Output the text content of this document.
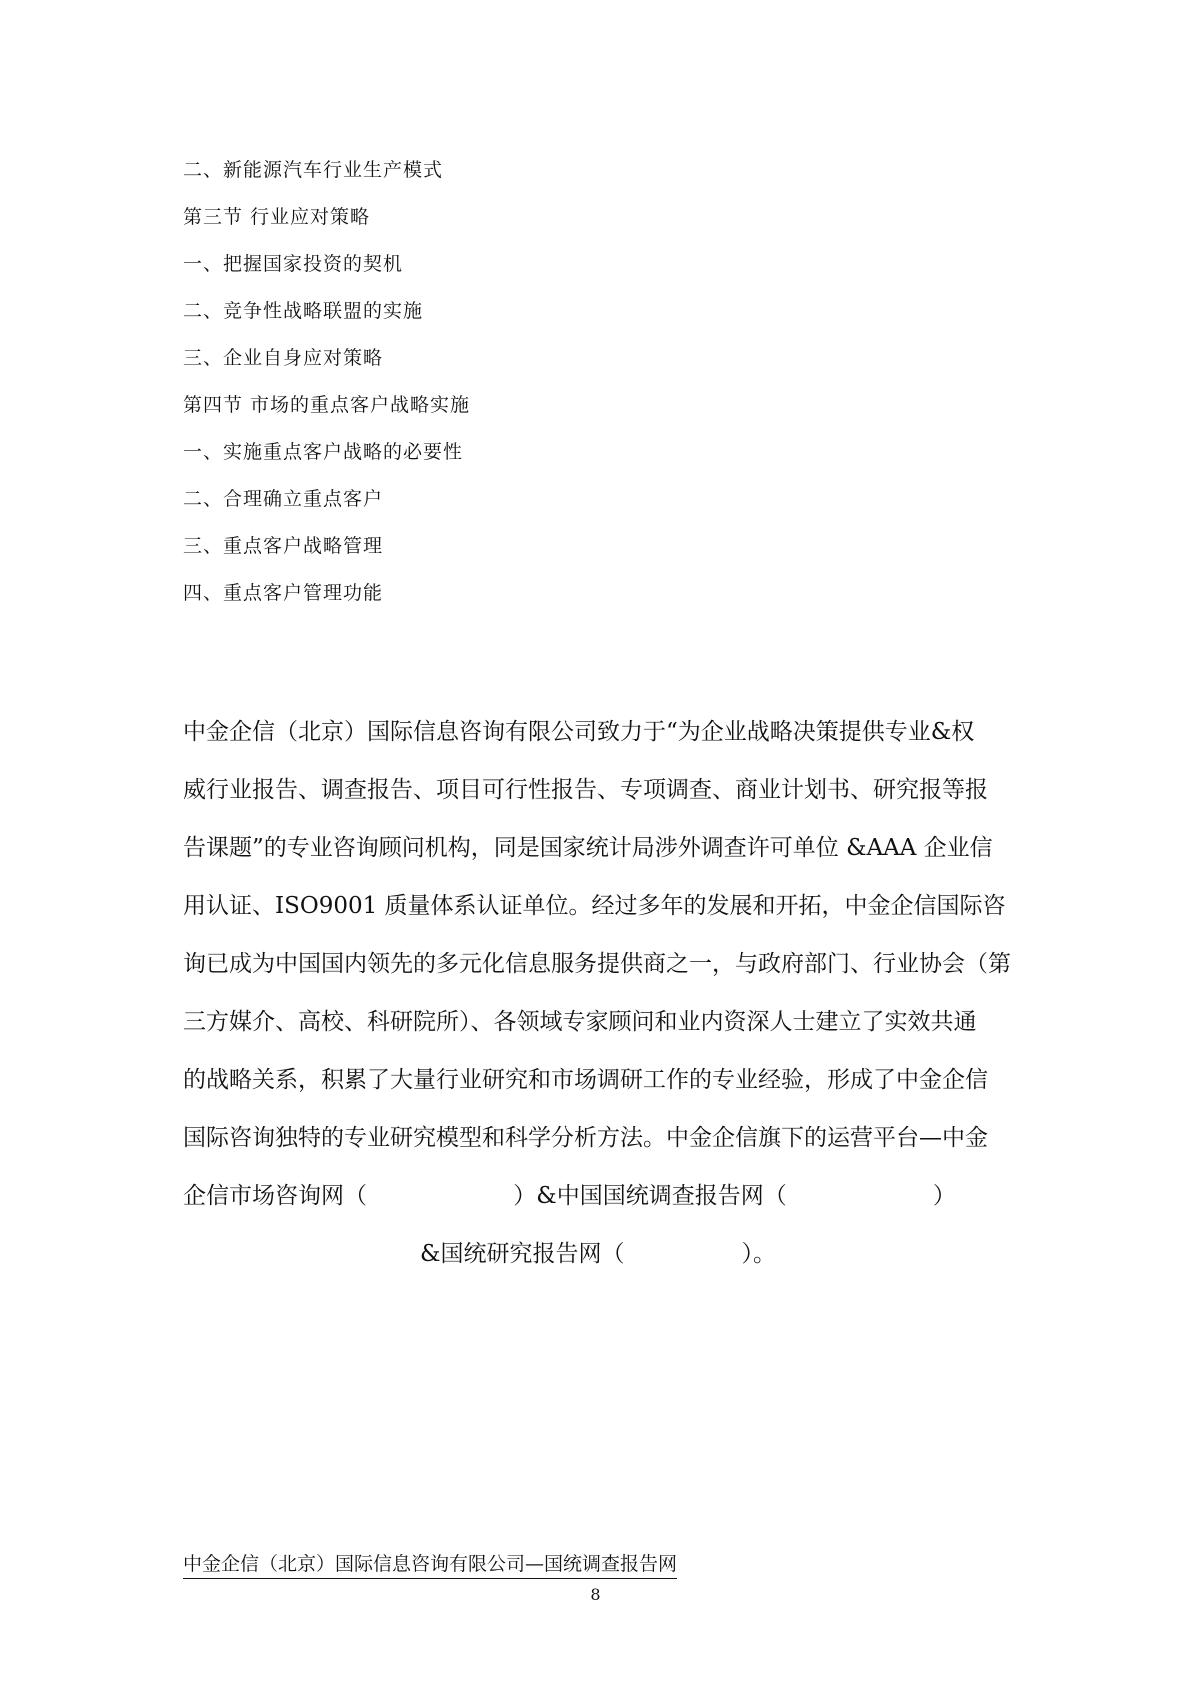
二、新能源汽车行业生产模式
第三节 行业应对策略
一、把握国家投资的契机
二、竞争性战略联盟的实施
三、企业自身应对策略
第四节 市场的重点客户战略实施
一、实施重点客户战略的必要性
二、合理确立重点客户
三、重点客户战略管理
四、重点客户管理功能
中金企信（北京）国际信息咨询有限公司致力于“为企业战略决策提供专业&权
威行业报告、调查报告、项目可行性报告、专项调查、商业计划书、研究报等报
告课题”的专业咨询顾问机构，同是国家统计局涉外调查许可单位 &AAA 企业信
用认证、ISO9001 质量体系认证单位。经过多年的发展和开拓，中金企信国际咨
询已成为中国国内领先的多元化信息服务提供商之一，与政府部门、行业协会（第
三方媒介、高校、科研院所）、各领域专家顾问和业内资深人士建立了实效共通
的战略关系，积累了大量行业研究和市场调研工作的专业经验，形成了中金企信
国际咨询独特的专业研究模型和科学分析方法。中金企信旗下的运营平台—中金
企信市场咨询网（                    ）&中国国统调查报告网（                    ）
&国统研究报告网（                ）。
中金企信（北京）国际信息咨询有限公司—国统调查报告网
8
